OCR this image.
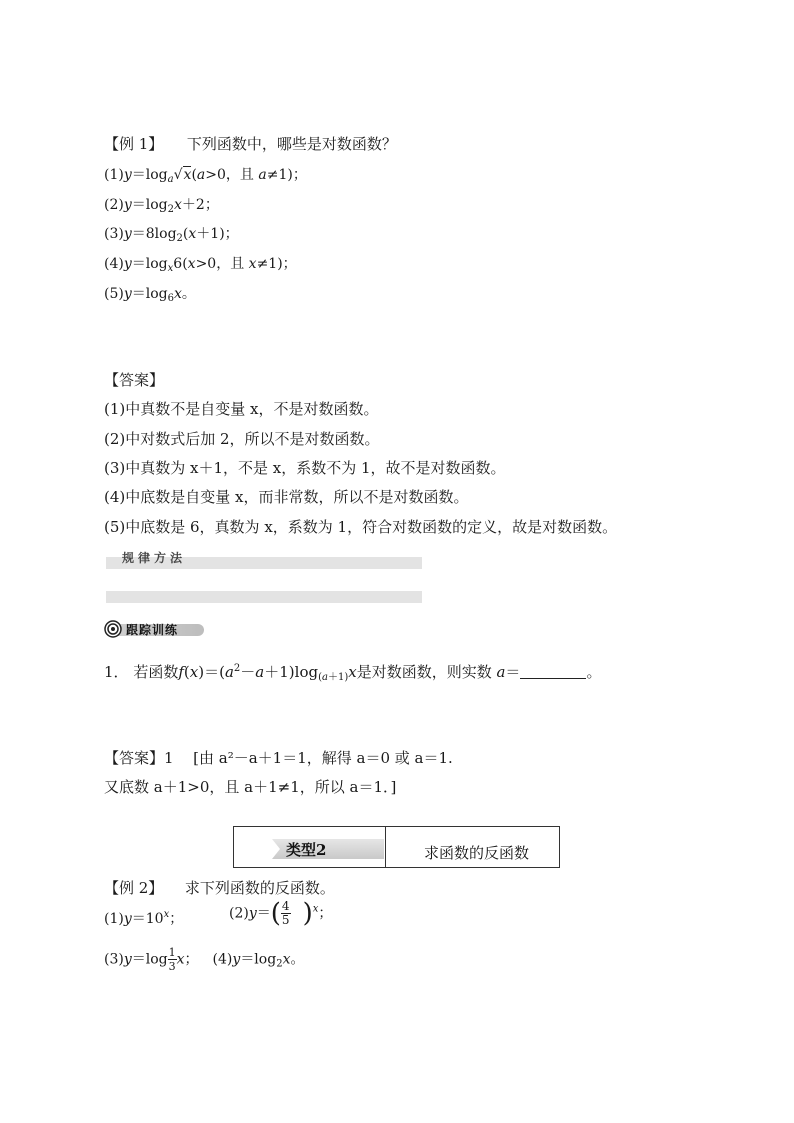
【例 1】 下列函数中，哪些是对数函数？
$(1)y=\log_a√x(a>0$，且 a≠1)；
$(2)y=\log_2x+2$；
$(3)y=8\log_2(x+1)$；
$(4)y=\log_x6(x>0$，且 x≠1)；
$(5)y=\log_6x$。
【答案】
(1)中真数不是自变量 x，不是对数函数。
(2)中对数式后加 2，所以不是对数函数。
(3)中真数为 x＋1，不是 x，系数不为 1，故不是对数函数。
(4)中底数是自变量 x，而非常数，所以不是对数函数。
(5)中底数是 6，真数为 x，系数为 1，符合对数函数的定义，故是对数函数。
规律方法
跟踪训练
1． 若函数$f(x)=(a^2-a+1)\log_{(a+1)}x$是对数函数，则实数 a＝	。
【答案】1 [由 a²－a＋1＝1，解得 a＝0 或 a＝1.
又底数 a＋1>0，且 a＋1≠1，所以 a＝1．]
类型2	求函数的反函数
【例 2】 求下列函数的反函数。
$(1)y=10^x$；	$(2)y=( \frac{4}{5} )^x$；
$(3)y=\log \frac{1}{3}$ x； $(4)y=\log_2x$。
